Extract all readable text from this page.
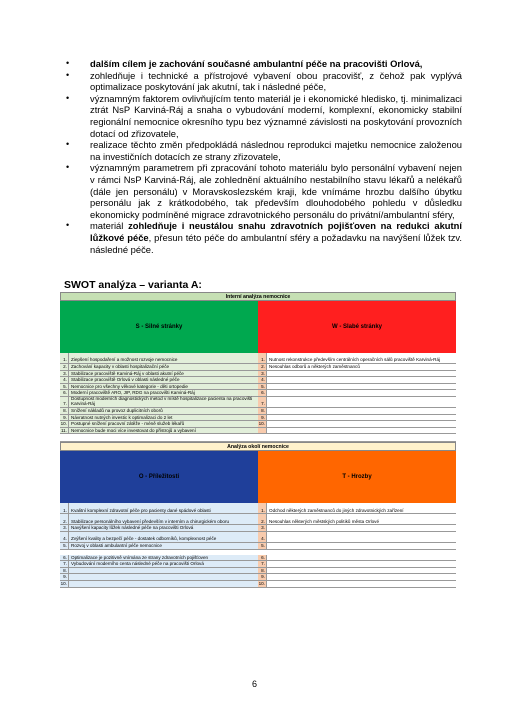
• dalším cílem je zachování současné ambulantní péče na pracovišti Orlová,
• zohledňuje i technické a přístrojové vybavení obou pracovišť, z čehož pak vyplývá optimalizace poskytování jak akutní, tak i následné péče,
• významným faktorem ovlivňujícím tento materiál je i ekonomické hledisko, tj. minimalizaci ztrát NsP Karviná-Ráj a snaha o vybudování moderní, komplexní, ekonomicky stabilní regionální nemocnice okresního typu bez významné závislosti na poskytování provozních dotací od zřizovatele,
• realizace těchto změn předpokládá následnou reprodukci majetku nemocnice založenou na investičních dotacích ze strany zřizovatele,
• významným parametrem při zpracování tohoto materiálu bylo personální vybavení nejen v rámci NsP Karviná-Ráj, ale zohlednění aktuálního nestabilního stavu lékařů a nelékařů (dále jen personálu) v Moravskoslezském kraji, kde vnímáme hrozbu dalšího úbytku personálu jak z krátkodobého, tak především dlouhodobého pohledu v důsledku ekonomicky podmíněné migrace zdravotnického personálu do privátní/ambulantní sféry,
• materiál zohledňuje i neustálou snahu zdravotních pojišťoven na redukci akutní lůžkové péče, přesun této péče do ambulantní sféry a požadavku na navýšení lůžek tzv. následné péče.
SWOT analýza – varianta A:
Interní analýza nemocnice
S - Silné stránky	W - Slabé stránky
1. Ziepšení hospodaření a možnost rozvoje nemocnice	1. Nutnost rekonstrukce především centrálních operačních sálů pracoviště Karviná-Ráj
2. Zachování kapacity v oblasti hospitalizační péče	2. Nesouhlas odborů a některých zaměstnanců
3. Stabilizace pracoviště Karviná-Ráj v oblasti akutní péče	3.
4. Stabilizace pracoviště Orlová v oblasti následné péče	4.
5. Nemocnice pro všechny věkové kategorie - děti ortopedie	5.
6. Moderní pracoviště ARO, JIP, RDG na pracovišti Karviná-Ráj	6.
7.
Dostupnost moderních diagnostických metod v místě hospitalizace pacienta na pracovišti Karviná-Ráj	7.
8. Snížení nákladů na provoz duplicitních oborů	8.
9. Návratnost nutných investic k optimalizaci do 2 let	9.
10. Postupné snížení pracovní zátěže - méně služeb lékařů	10.
11. Nemocnice bude moci více investovat do přístrojů a vybavení
Analýza okolí nemocnice
O - Příležitosti	T - Hrozby
1. Kvalitní komplexní zdravotní péče pro pacienty dané spádové oblasti	1. Odchod některých zaměstnanců do jiných zdravotnických zařízení
2. Stabilizace personálního vybavení především v interním a chirurgickém oboru	2. Nesouhlas některých městských politiků města Orlové
3. Navýšení kapacity lůžek následné péče na pracovišti Orlová	3.
4. Zvýšení kvality a bezpečí péče - dostatek odborníků, komplexnost péče	4.
5. Rozvoj v oblasti ambulantní péče nemocnice	5.
6. Optimalizace je pozitivně vnímána ze strany zdravotních pojišťoven	6.
7. Vybudování moderního centa následné péče na pracovišti Orlová	7.
8.	8.
9.	9.
10.	10.
6
